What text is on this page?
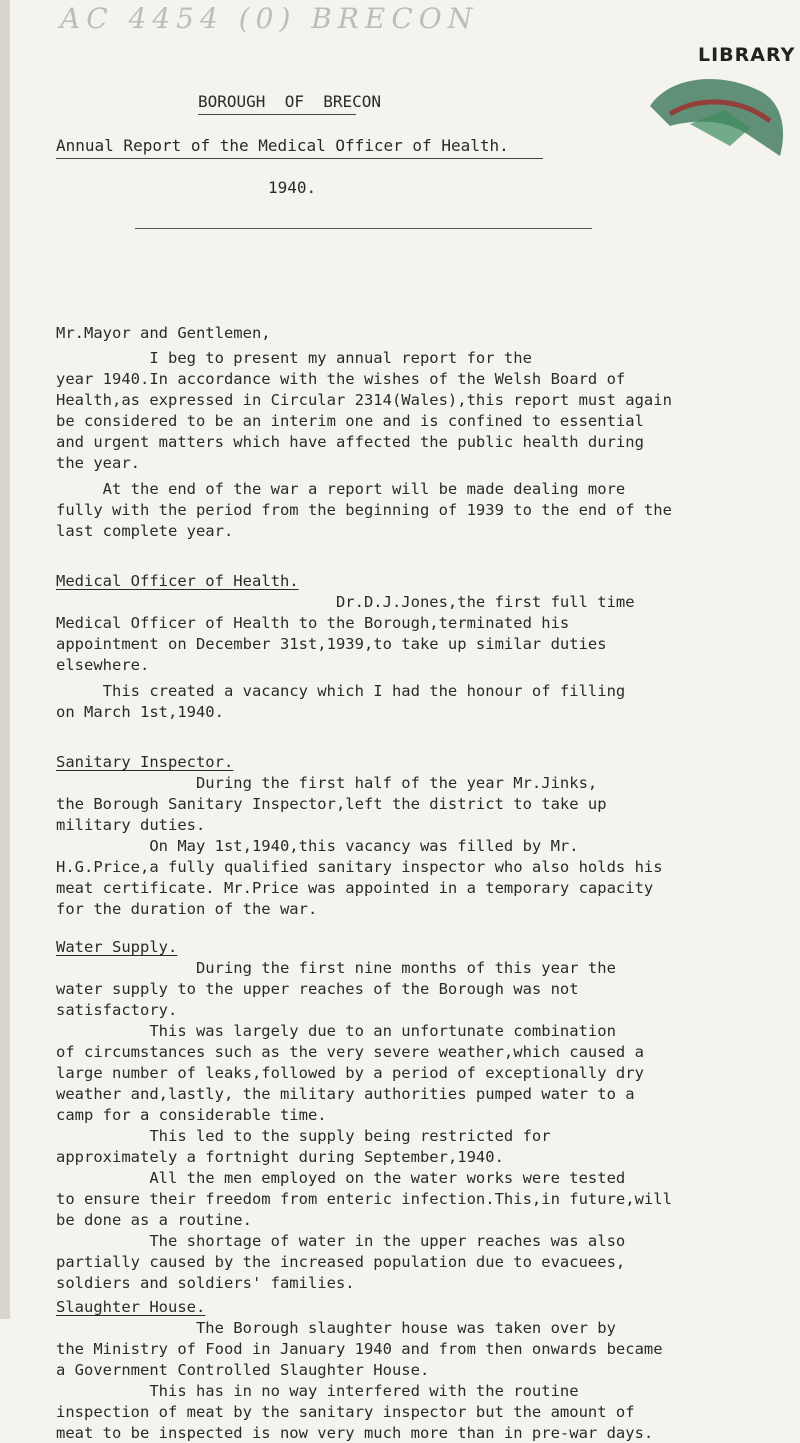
AC 4454 (0) BRECON
LIBRARY
BOROUGH  OF  BRECON
Annual Report of the Medical Officer of Health.
1940.
Mr.Mayor and Gentlemen,
I beg to present my annual report for the
year 1940.In accordance with the wishes of the Welsh Board of
Health,as expressed in Circular 2314(Wales),this report must again
be considered to be an interim one and is confined to essential
and urgent matters which have affected the public health during
the year.
At the end of the war a report will be made dealing more
fully with the period from the beginning of 1939 to the end of the
last complete year.
Medical Officer of Health.
Dr.D.J.Jones,the first full time
Medical Officer of Health to the Borough,terminated his
appointment on December 31st,1939,to take up similar duties
elsewhere.
This created a vacancy which I had the honour of filling
on March 1st,1940.
Sanitary Inspector.
During the first half of the year Mr.Jinks,
the Borough Sanitary Inspector,left the district to take up
military duties.
On May 1st,1940,this vacancy was filled by Mr.
H.G.Price,a fully qualified sanitary inspector who also holds his
meat certificate. Mr.Price was appointed in a temporary capacity
for the duration of the war.
Water Supply.
During the first nine months of this year the
water supply to the upper reaches of the Borough was not
satisfactory.
This was largely due to an unfortunate combination
of circumstances such as the very severe weather,which caused a
large number of leaks,followed by a period of exceptionally dry
weather and,lastly, the military authorities pumped water to a
camp for a considerable time.
This led to the supply being restricted for
approximately a fortnight during September,1940.
All the men employed on the water works were tested
to ensure their freedom from enteric infection.This,in future,will
be done as a routine.
The shortage of water in the upper reaches was also
partially caused by the increased population due to evacuees,
soldiers and soldiers' families.
Slaughter House.
The Borough slaughter house was taken over by
the Ministry of Food in January 1940 and from then onwards became
a Government Controlled Slaughter House.
This has in no way interfered with the routine
inspection of meat by the sanitary inspector but the amount of
meat to be inspected is now very much more than in pre-war days.
